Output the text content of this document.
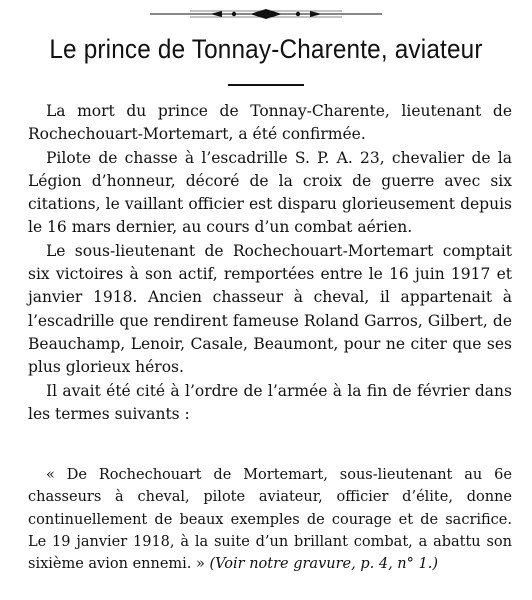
Le prince de Tonnay-Charente, aviateur

La mort du prince de Tonnay-Charente, lieutenant de Rochechouart-Mortemart, a été confirmée.

Pilote de chasse à l’escadrille S. P. A. 23, chevalier de la Légion d’honneur, décoré de la croix de guerre avec six citations, le vaillant officier est disparu glorieusement depuis le 16 mars dernier, au cours d’un combat aérien.

Le sous-lieutenant de Rochechouart-Mortemart comptait six victoires à son actif, remportées entre le 16 juin 1917 et janvier 1918. Ancien chasseur à cheval, il appartenait à l’escadrille que rendirent fameuse Roland Garros, Gilbert, de Beauchamp, Lenoir, Casale, Beaumont, pour ne citer que ses plus glorieux héros.

Il avait été cité à l’ordre de l’armée à la fin de février dans les termes suivants :

« De Rochechouart de Mortemart, sous-lieutenant au 6e chasseurs à cheval, pilote aviateur, officier d’élite, donne continuellement de beaux exemples de courage et de sacrifice. Le 19 janvier 1918, à la suite d’un brillant combat, a abattu son sixième avion ennemi. » (Voir notre gravure, p. 4, n° 1.)
